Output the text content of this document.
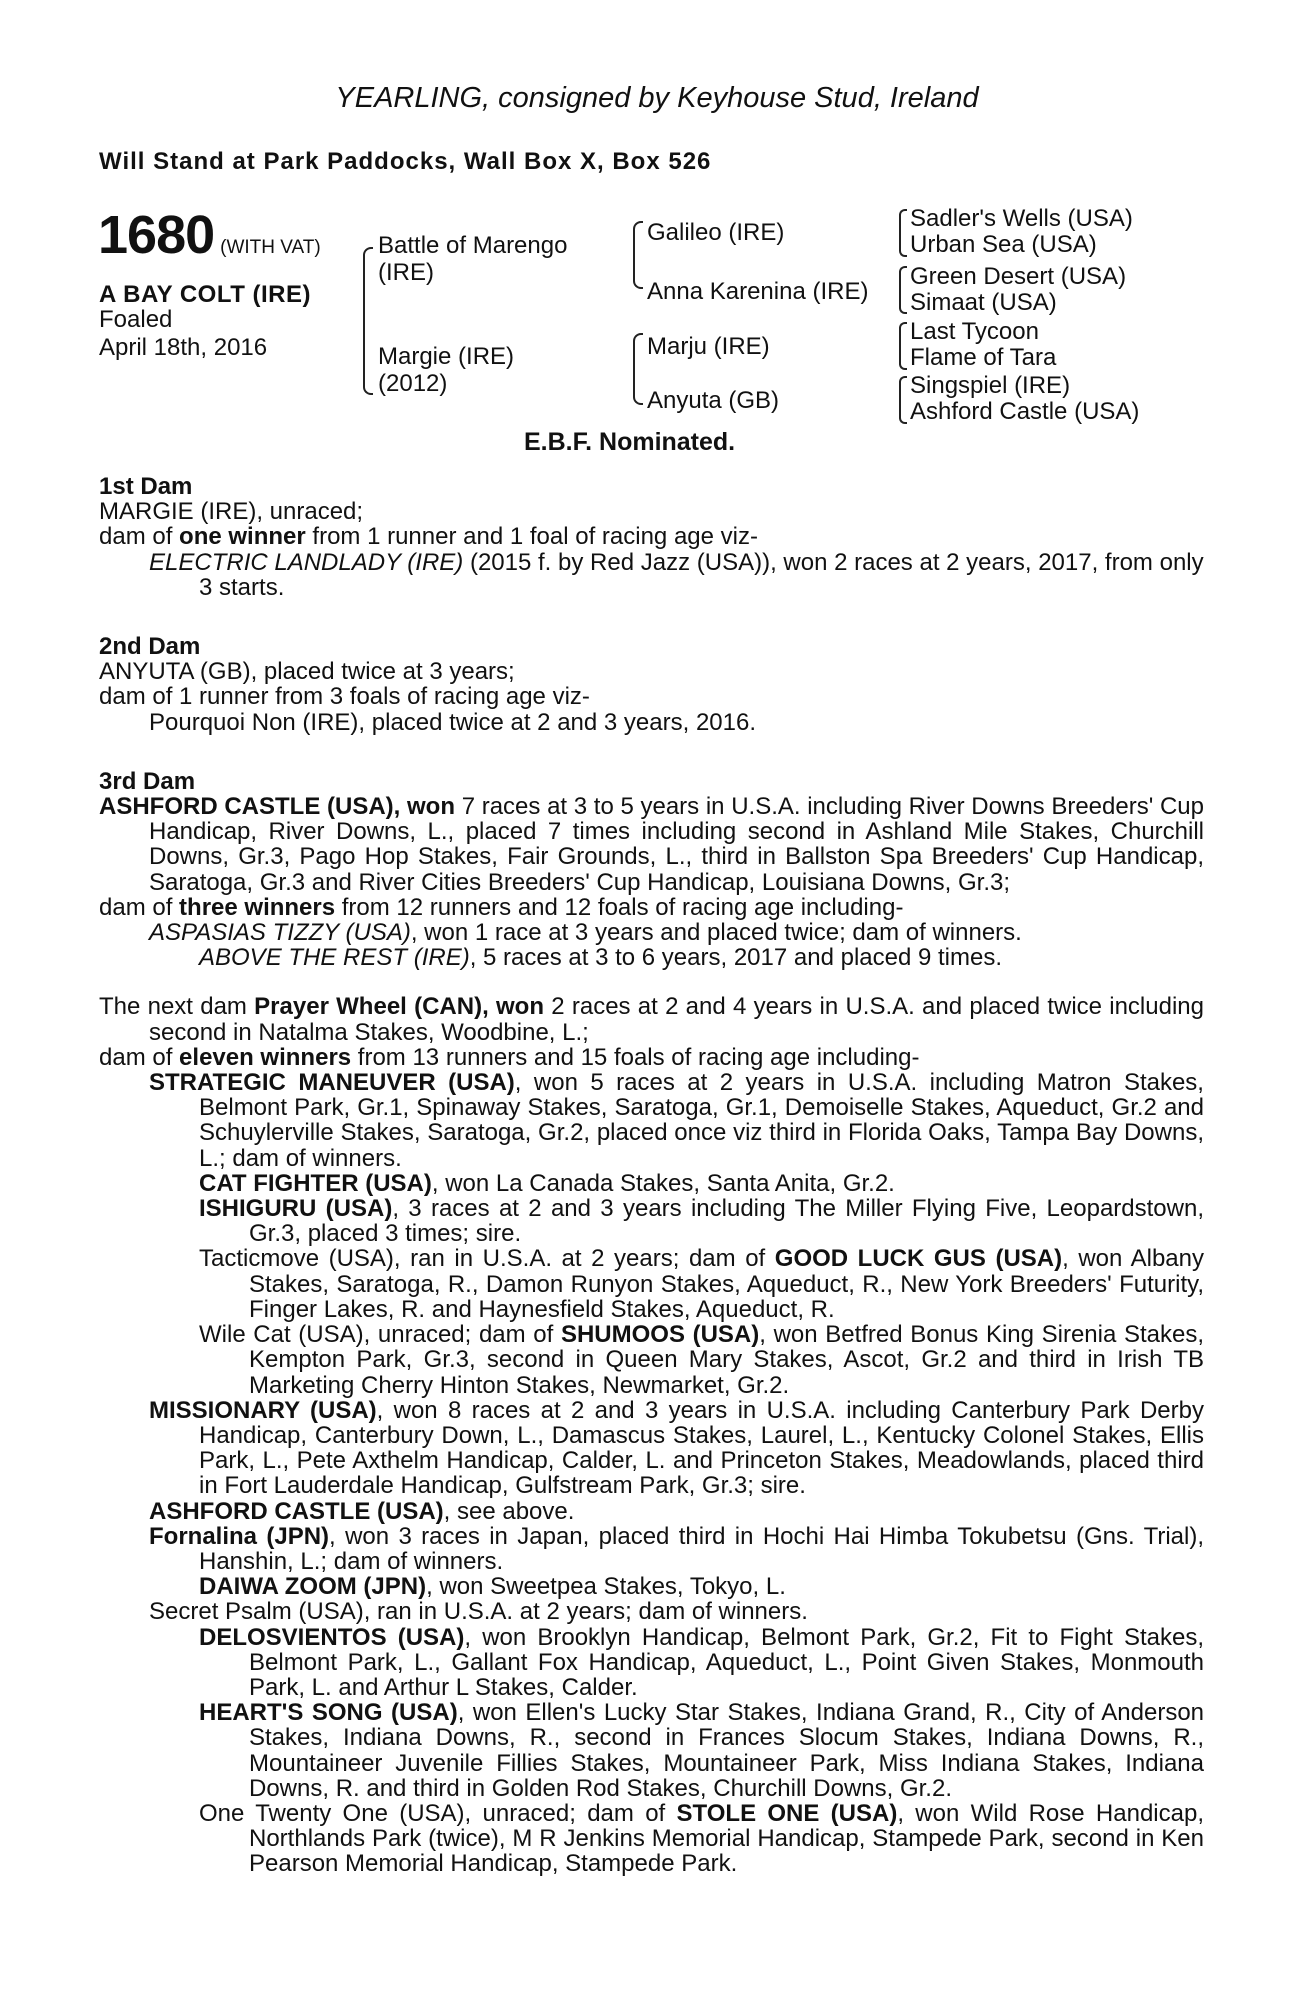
YEARLING, consigned by Keyhouse Stud, Ireland
Will Stand at Park Paddocks, Wall Box X, Box 526
1680 (WITH VAT)
A BAY COLT (IRE)
Foaled
April 18th, 2016
Battle of Marengo (IRE)
Margie (IRE) (2012)
Galileo (IRE)
Anna Karenina (IRE)
Marju (IRE)
Anyuta (GB)
Sadler's Wells (USA)
Urban Sea (USA)
Green Desert (USA)
Simaat (USA)
Last Tycoon
Flame of Tara
Singspiel (IRE)
Ashford Castle (USA)
E.B.F. Nominated.

1st Dam

MARGIE (IRE), unraced;

dam of one winner from 1 runner and 1 foal of racing age viz-

ELECTRIC LANDLADY (IRE) (2015 f. by Red Jazz (USA)), won 2 races at 2 years, 2017, from only 3 starts.

2nd Dam

ANYUTA (GB), placed twice at 3 years;

dam of 1 runner from 3 foals of racing age viz-

Pourquoi Non (IRE), placed twice at 2 and 3 years, 2016.

3rd Dam

ASHFORD CASTLE (USA), won 7 races at 3 to 5 years in U.S.A. including River Downs Breeders' Cup Handicap, River Downs, L., placed 7 times including second in Ashland Mile Stakes, Churchill Downs, Gr.3, Pago Hop Stakes, Fair Grounds, L., third in Ballston Spa Breeders' Cup Handicap, Saratoga, Gr.3 and River Cities Breeders' Cup Handicap, Louisiana Downs, Gr.3;

dam of three winners from 12 runners and 12 foals of racing age including-

ASPASIAS TIZZY (USA), won 1 race at 3 years and placed twice; dam of winners.

ABOVE THE REST (IRE), 5 races at 3 to 6 years, 2017 and placed 9 times.

The next dam Prayer Wheel (CAN), won 2 races at 2 and 4 years in U.S.A. and placed twice including second in Natalma Stakes, Woodbine, L.;

dam of eleven winners from 13 runners and 15 foals of racing age including-

STRATEGIC MANEUVER (USA), won 5 races at 2 years in U.S.A. including Matron Stakes, Belmont Park, Gr.1, Spinaway Stakes, Saratoga, Gr.1, Demoiselle Stakes, Aqueduct, Gr.2 and Schuylerville Stakes, Saratoga, Gr.2, placed once viz third in Florida Oaks, Tampa Bay Downs, L.; dam of winners.

CAT FIGHTER (USA), won La Canada Stakes, Santa Anita, Gr.2.

ISHIGURU (USA), 3 races at 2 and 3 years including The Miller Flying Five, Leopardstown, Gr.3, placed 3 times; sire.

Tacticmove (USA), ran in U.S.A. at 2 years; dam of GOOD LUCK GUS (USA), won Albany Stakes, Saratoga, R., Damon Runyon Stakes, Aqueduct, R., New York Breeders' Futurity, Finger Lakes, R. and Haynesfield Stakes, Aqueduct, R.

Wile Cat (USA), unraced; dam of SHUMOOS (USA), won Betfred Bonus King Sirenia Stakes, Kempton Park, Gr.3, second in Queen Mary Stakes, Ascot, Gr.2 and third in Irish TB Marketing Cherry Hinton Stakes, Newmarket, Gr.2.

MISSIONARY (USA), won 8 races at 2 and 3 years in U.S.A. including Canterbury Park Derby Handicap, Canterbury Down, L., Damascus Stakes, Laurel, L., Kentucky Colonel Stakes, Ellis Park, L., Pete Axthelm Handicap, Calder, L. and Princeton Stakes, Meadowlands, placed third in Fort Lauderdale Handicap, Gulfstream Park, Gr.3; sire.

ASHFORD CASTLE (USA), see above.

Fornalina (JPN), won 3 races in Japan, placed third in Hochi Hai Himba Tokubetsu (Gns. Trial), Hanshin, L.; dam of winners.

DAIWA ZOOM (JPN), won Sweetpea Stakes, Tokyo, L.

Secret Psalm (USA), ran in U.S.A. at 2 years; dam of winners.

DELOSVIENTOS (USA), won Brooklyn Handicap, Belmont Park, Gr.2, Fit to Fight Stakes, Belmont Park, L., Gallant Fox Handicap, Aqueduct, L., Point Given Stakes, Monmouth Park, L. and Arthur L Stakes, Calder.

HEART'S SONG (USA), won Ellen's Lucky Star Stakes, Indiana Grand, R., City of Anderson Stakes, Indiana Downs, R., second in Frances Slocum Stakes, Indiana Downs, R., Mountaineer Juvenile Fillies Stakes, Mountaineer Park, Miss Indiana Stakes, Indiana Downs, R. and third in Golden Rod Stakes, Churchill Downs, Gr.2.

One Twenty One (USA), unraced; dam of STOLE ONE (USA), won Wild Rose Handicap, Northlands Park (twice), M R Jenkins Memorial Handicap, Stampede Park, second in Ken Pearson Memorial Handicap, Stampede Park.
